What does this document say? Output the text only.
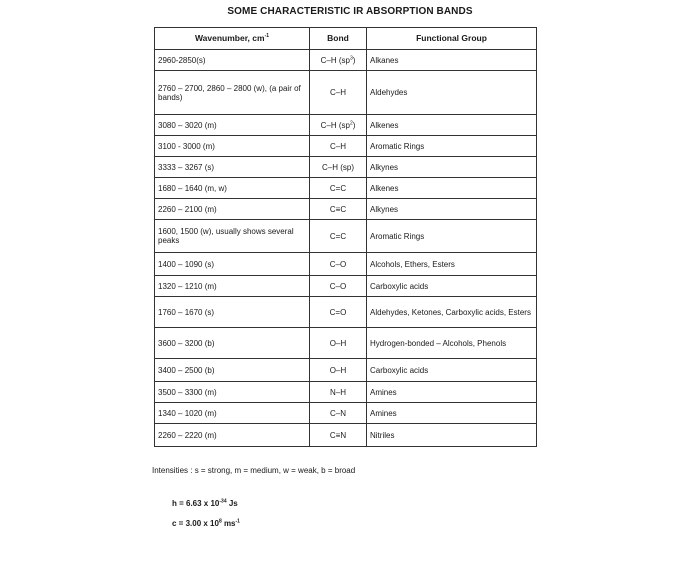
SOME CHARACTERISTIC IR ABSORPTION BANDS
Wavenumber, $cm^{-1}$	Bond	Functional Group
2960-2850(s)	C–H $(sp^3)$	Alkanes
2760 – 2700, 2860 – 2800 (w), (a pair of bands)	C–H	Aldehydes
3080 – 3020 (m)	C–H $(sp^2)$	Alkenes
3100 - 3000 (m)	C–H	Aromatic Rings
3333 – 3267 (s)	C–H (sp)	Alkynes
1680 – 1640 (m, w)	C=C	Alkenes
2260 – 2100 (m)	C≡C	Alkynes
1600, 1500 (w), usually shows several peaks	C=C	Aromatic Rings
1400 – 1090 (s)	C–O	Alcohols, Ethers, Esters
1320 – 1210 (m)	C–O	Carboxylic acids
1760 – 1670 (s)	C=O	Aldehydes, Ketones, Carboxylic acids, Esters
3600 – 3200 (b)	O–H	Hydrogen-bonded – Alcohols, Phenols
3400 – 2500 (b)	O–H	Carboxylic acids
3500 – 3300 (m)	N–H	Amines
1340 – 1020 (m)	C–N	Amines
2260 – 2220 (m)	C≡N	Nitriles
Intensities : s = strong, m = medium, w = weak, b = broad
h = 6.63 x $10^{-34}$ Js
c = 3.00 x $10^8$ $ms^{-1}$
